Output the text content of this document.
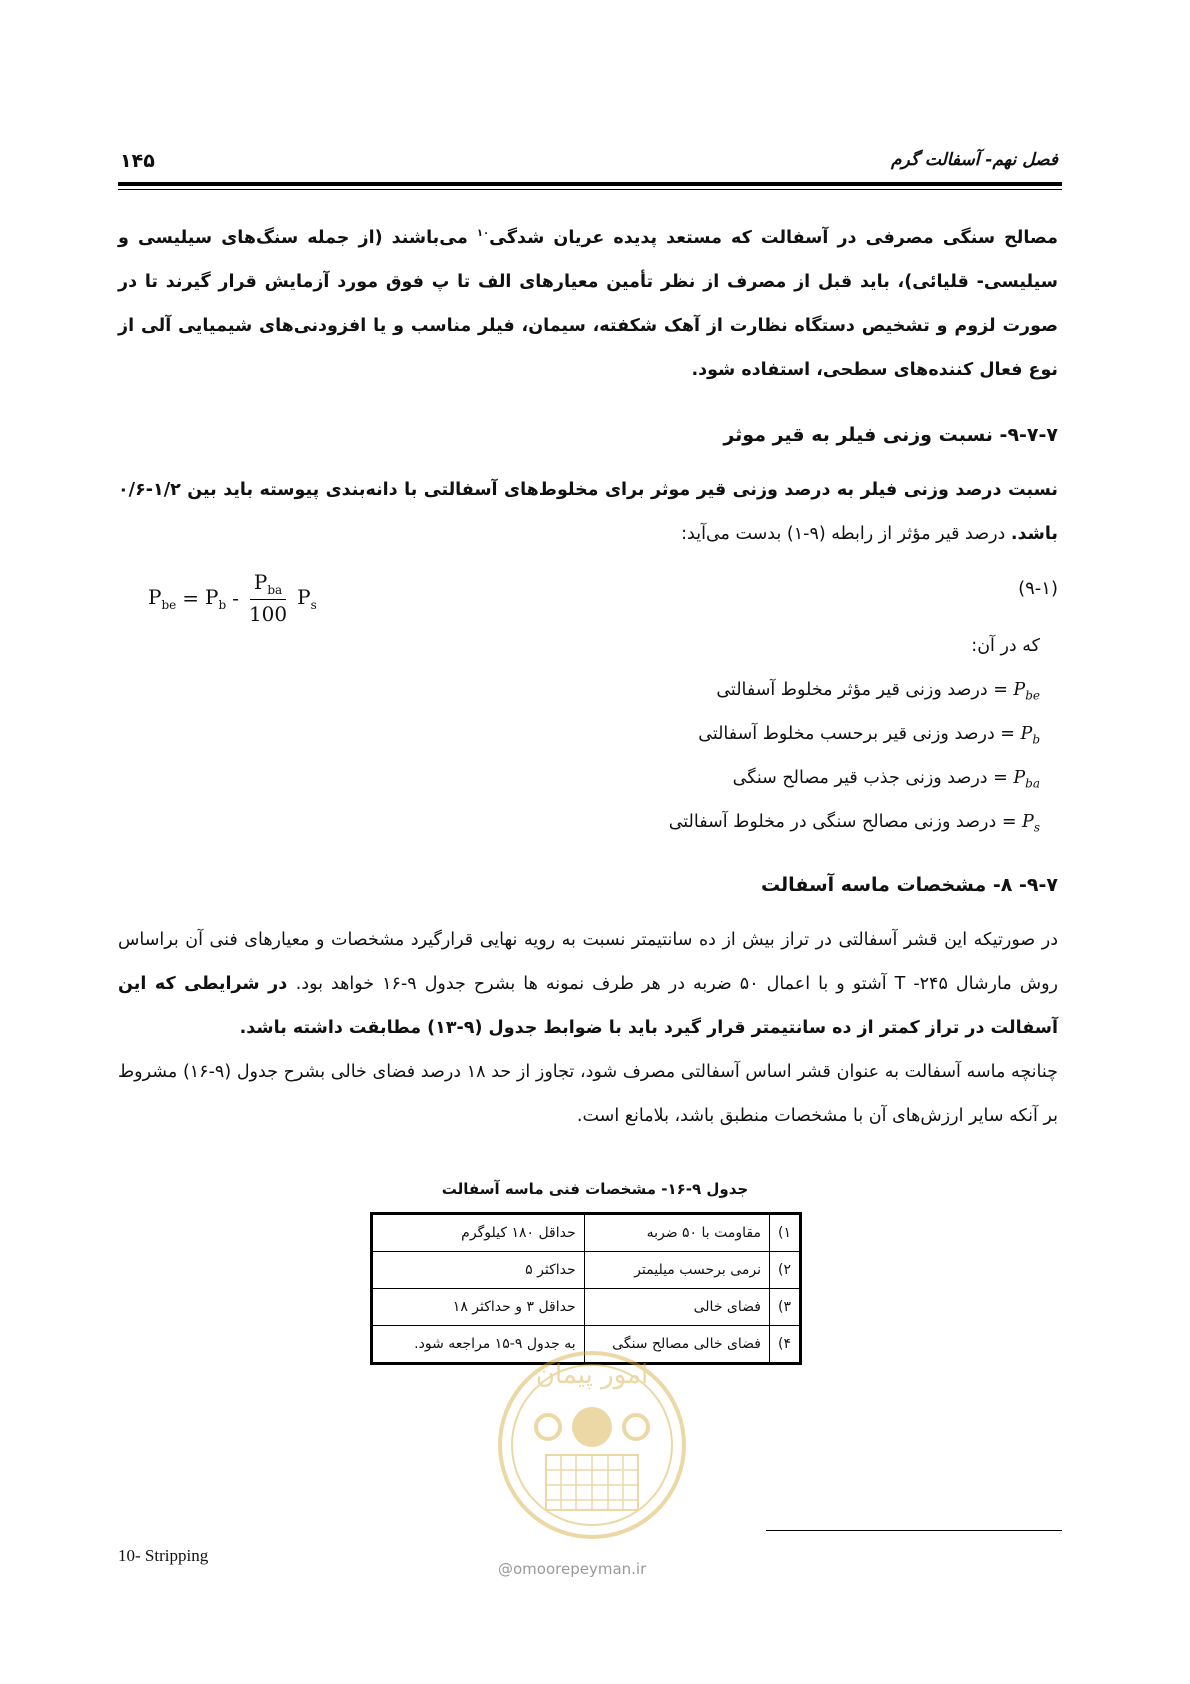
فصل نهم- آسفالت گرم
۱۴۵
مصالح سنگی مصرفی در آسفالت که مستعد پدیده عریان شدگی$^{۱۰}$ می‌باشند (از جمله سنگ‌های سیلیسی و سیلیسی- قلیائی)، باید قبل از مصرف از نظر تأمین معیارهای الف تا پ فوق مورد آزمایش قرار گیرند تا در صورت لزوم و تشخیص دستگاه نظارت از آهک شکفته، سیمان، فیلر مناسب و یا افزودنی‌های شیمیایی آلی از نوع فعال کننده‌های سطحی، استفاده شود.
۹-۷-۷- نسبت وزنی فیلر به قیر موثر
نسبت درصد وزنی فیلر به درصد وزنی قیر موثر برای مخلوط‌های آسفالتی با دانه‌بندی پیوسته باید بین ۱/۲-۰/۶ باشد. درصد قیر مؤثر از رابطه (۹-۱) بدست می‌آید:
$P_{be} = P_b - \frac{P_{ba}}{100} P_s$
(۹-۱)
که در آن:
$P_{be}$ = درصد وزنی قیر مؤثر مخلوط آسفالتی
$P_b$ = درصد وزنی قیر برحسب مخلوط آسفالتی
$P_{ba}$ = درصد وزنی جذب قیر مصالح سنگی
$P_s$ = درصد وزنی مصالح سنگی در مخلوط آسفالتی
۹-۷- ۸- مشخصات ماسه آسفالت
در صورتیکه این قشر آسفالتی در تراز بیش از ده سانتیمتر نسبت به رویه نهایی قرارگیرد مشخصات و معیارهای فنی آن براساس روش مارشال ۲۴۵- T آشتو و با اعمال ۵۰ ضربه در هر طرف نمونه ها بشرح جدول ۹-۱۶ خواهد بود. در شرایطی که این آسفالت در تراز کمتر از ده سانتیمتر قرار گیرد باید با ضوابط جدول (۹-۱۳) مطابقت داشته باشد.
چنانچه ماسه آسفالت به عنوان قشر اساس آسفالتی مصرف شود، تجاوز از حد ۱۸ درصد فضای خالی بشرح جدول (۹-۱۶) مشروط بر آنکه سایر ارزش‌های آن با مشخصات منطبق باشد، بلامانع است.
جدول ۹-۱۶- مشخصات فنی ماسه آسفالت
۱)	مقاومت با ۵۰ ضربه	حداقل ۱۸۰ کیلوگرم
۲)	نرمی برحسب میلیمتر	حداکثر ۵
۳)	فضای خالی	حداقل ۳ و حداکثر ۱۸
۴)	فضای خالی مصالح سنگی	به جدول ۹-۱۵ مراجعه شود.
امور پیمان
10- Stripping
@omoorepeyman.ir
